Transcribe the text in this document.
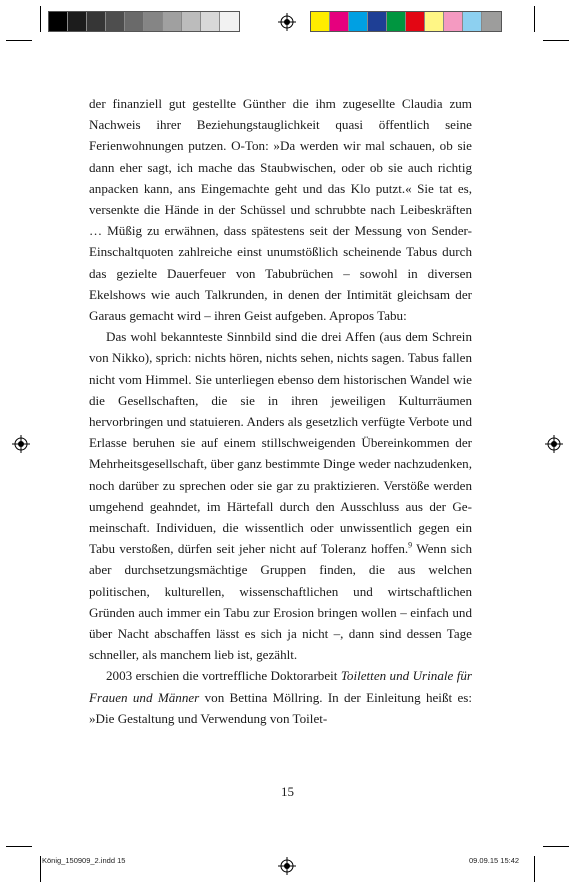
der finanziell gut gestellte Günther die ihm zugesellte Claudia zum Nachweis ihrer Beziehungstauglichkeit quasi öffentlich seine Ferienwohnungen putzen. O-Ton: »Da werden wir mal schauen, ob sie dann eher sagt, ich mache das Staubwischen, oder ob sie auch richtig anpacken kann, ans Eingemachte geht und das Klo putzt.« Sie tat es, versenkte die Hände in der Schüssel und schrubbte nach Leibeskräften … Müßig zu erwähnen, dass spätestens seit der Messung von Sender-Einschaltquoten zahlreiche einst unumstößlich scheinende Tabus durch das gezielte Dauerfeuer von Tabubrüchen – sowohl in diversen Ekelshows wie auch Talkrunden, in denen der Intimität gleichsam der Garaus gemacht wird – ihren Geist aufgeben. Apropos Tabu:

Das wohl bekannteste Sinnbild sind die drei Affen (aus dem Schrein von Nikko), sprich: nichts hören, nichts sehen, nichts sagen. Tabus fallen nicht vom Himmel. Sie unterliegen ebenso dem historischen Wandel wie die Gesellschaften, die sie in ihren jeweiligen Kulturräumen hervorbringen und statuieren. Anders als gesetzlich verfügte Verbote und Erlasse beruhen sie auf einem stillschweigenden Übereinkommen der Mehrheitsgesellschaft, über ganz bestimmte Dinge weder nachzudenken, noch darüber zu sprechen oder sie gar zu praktizieren. Verstöße werden umgehend geahndet, im Härtefall durch den Ausschluss aus der Gemeinschaft. Individuen, die wissentlich oder unwissentlich gegen ein Tabu verstoßen, dürfen seit jeher nicht auf Toleranz hoffen.$^9$ Wenn sich aber durchsetzungsmächtige Gruppen finden, die aus welchen politischen, kulturellen, wissenschaftlichen und wirtschaftlichen Gründen auch immer ein Tabu zur Erosion bringen wollen – einfach und über Nacht abschaffen lässt es sich ja nicht –, dann sind dessen Tage schneller, als manchem lieb ist, gezählt.

2003 erschien die vortreffliche Doktorarbeit Toiletten und Urinale für Frauen und Männer von Bettina Möllring. In der Einleitung heißt es: »Die Gestaltung und Verwendung von Toilet-

15
König_150909_2.indd 15	09.09.15 15:42
